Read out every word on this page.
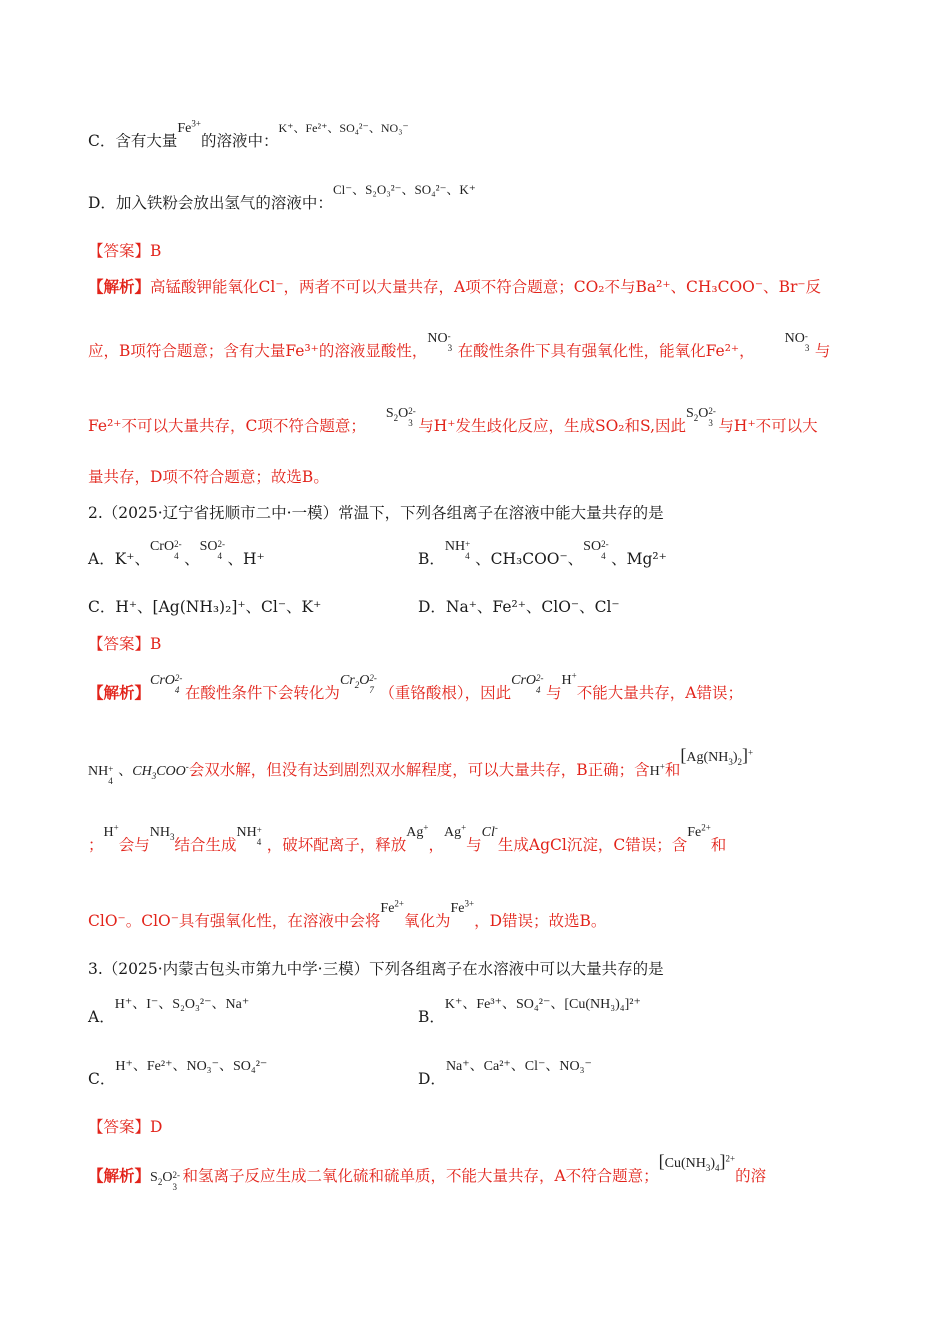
C．含有大量$Fe^{3+}$的溶液中：$^{K^+、Fe^{2+}、SO_4^{2-}、NO_3^-}$
D．加入铁粉会放出氢气的溶液中：$^{Cl^-、S_2O_3^{2-}、SO_4^{2-}、K^+}$
【答案】B
【解析】高锰酸钾能氧化Cl⁻，两者不可以大量共存，A项不符合题意；CO₂不与Ba²⁺、CH₃COO⁻、Br⁻反
应，B项符合题意；含有大量Fe³⁺的溶液显酸性，NO -
3 在酸性条件下具有强氧化性，能氧化Fe²⁺，NO -
3 与
Fe²⁺不可以大量共存，C项不符合题意；$S_2O$ 2-
3 与H⁺发生歧化反应，生成SO₂和S,因此$S_2O$ 2-
3 与H⁺不可以大
量共存，D项不符合题意；故选B。
2.（2025·辽宁省抚顺市二中·一模）常温下，下列各组离子在溶液中能大量共存的是
A．K⁺、CrO 2-
4 、SO 2-
4 、H⁺	B．NH +
4 、CH₃COO⁻、SO 2-
4 、Mg²⁺
C．H⁺、[Ag(NH₃)₂]⁺、Cl⁻、K⁺	D．Na⁺、Fe²⁺、ClO⁻、Cl⁻
【答案】B
【解析】CrO 2-
4 在酸性条件下会转化为$Cr_2O$ 2-
7 （重铬酸根），因此CrO 2-
4 与H+不能大量共存，A错误；
NH +
4
、$CH_3COO^-$会双水解，但没有达到剧烈双水解程度，可以大量共存，B正确；含H+和$[Ag(NH_3)_2]^+$
；H+会与$NH_3$结合生成NH +
4 ，破坏配离子，释放Ag+，Ag+与Cl-生成AgCl沉淀，C错误；含$Fe^{2+}$和
ClO⁻。ClO⁻具有强氧化性，在溶液中会将$Fe^{2+}$氧化为$Fe^{3+}$，D错误；故选B。
3.（2025·内蒙古包头市第九中学·三模）下列各组离子在水溶液中可以大量共存的是
A．H⁺、I⁻、S₂O₃²⁻、Na⁺
B．K⁺、Fe³⁺、SO₄²⁻、[Cu(NH₃)₄]²⁺
C．H⁺、Fe²⁺、NO₃⁻、SO₄²⁻
D．Na⁺、Ca²⁺、Cl⁻、NO₃⁻
【答案】D
【解析】$S_2O$ 2-
3
和氢离子反应生成二氧化硫和硫单质，不能大量共存，A不符合题意；$[Cu(NH_3)_4]^{2+}$的溶
